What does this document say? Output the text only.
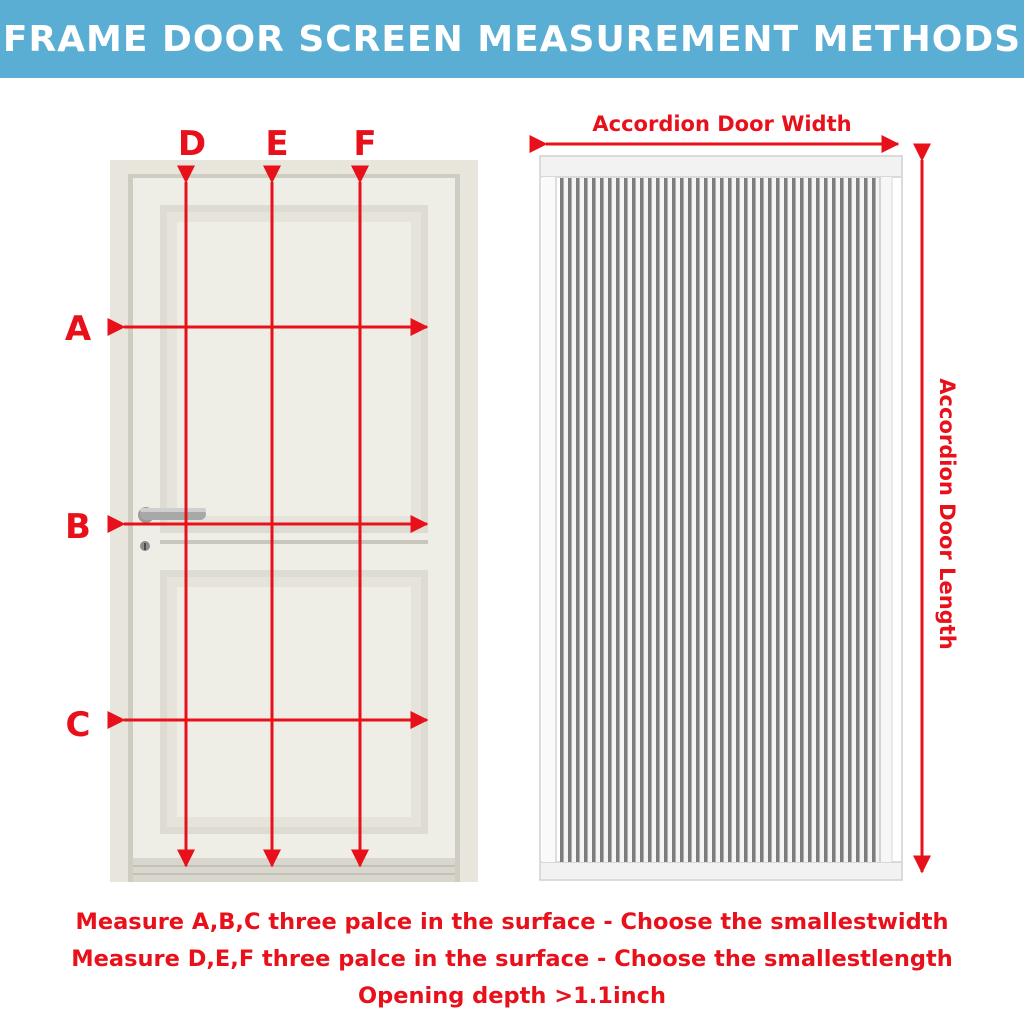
FRAME DOOR SCREEN MEASUREMENT METHODS
A
B
C
D E F	Accordion Door Width
Accordion Door Length
Measure A,B,C three palce in the surface - Choose the smallestwidth
Measure D,E,F three palce in the surface - Choose the smallestlength
Opening depth >1.1inch
